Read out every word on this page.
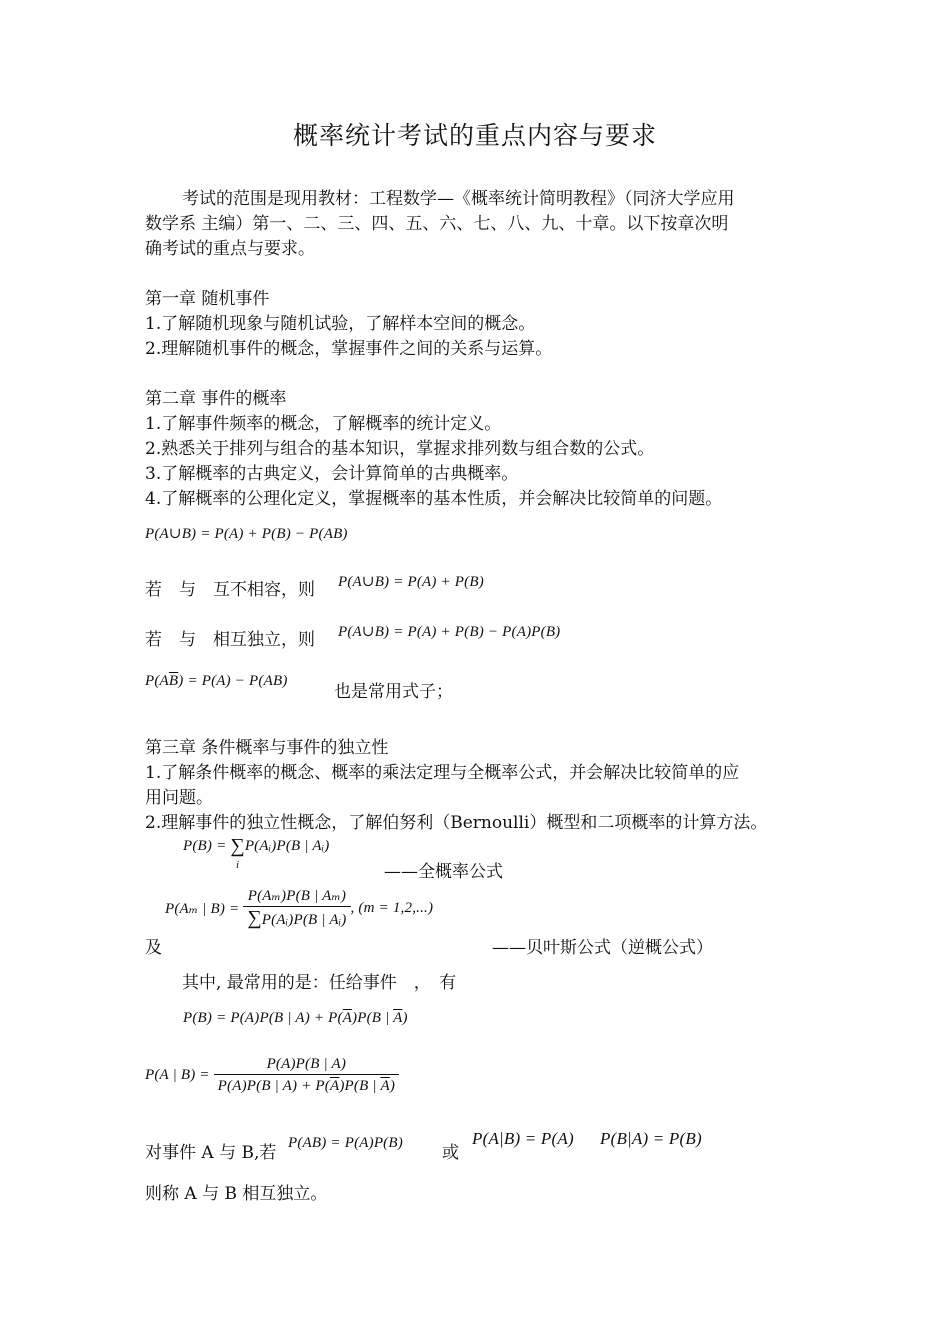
概率统计考试的重点内容与要求
考试的范围是现用教材：工程数学—《概率统计简明教程》（同济大学应用
数学系 主编）第一、二、三、四、五、六、七、八、九、十章。以下按章次明
确考试的重点与要求。
第一章 随机事件
1.了解随机现象与随机试验，了解样本空间的概念。
2.理解随机事件的概念，掌握事件之间的关系与运算。
第二章 事件的概率
1.了解事件频率的概念，了解概率的统计定义。
2.熟悉关于排列与组合的基本知识，掌握求排列数与组合数的公式。
3.了解概率的古典定义，会计算简单的古典概率。
4.了解概率的公理化定义，掌握概率的基本性质，并会解决比较简单的问题。
P(A∪B) = P(A) + P(B) − P(AB)
若　与　互不相容，则 P(A∪B) = P(A) + P(B)
若　与　相互独立，则 P(A∪B) = P(A) + P(B) − P(A)P(B)
$P(A\overline{B}) = P(A) - P(AB)$
也是常用式子；
第三章 条件概率与事件的独立性
1.了解条件概率的概念、概率的乘法定理与全概率公式，并会解决比较简单的应
用问题。
2.理解事件的独立性概念，了解伯努利（Bernoulli）概型和二项概率的计算方法。
P(B) = ∑
iP(Aᵢ)P(B | Aᵢ)
——全概率公式
P(Aₘ | $B) = \frac{\text{P(Aₘ)P(B | Aₘ)}}{\text{∑P(Aᵢ)P(B | Aᵢ)}}$ , (m = 1,2,...)
及	——贝叶斯公式（逆概公式）
其中, 最常用的是：任给事件　，　有
P(B) = P(A)P(B | $A) + P(\overline{A})P(B$ | $\overline{A}$)
P(A | $B) = \frac{P(A)P(B | A)}{P(A)P(B | A) + P(\overline{A})P(B | \overline{A})}$
对事件 A 与 B,若 P(AB) = P(A)P(B) 或
P(A|B) = P(A) P(B|A) = P(B)
则称 A 与 B 相互独立。
